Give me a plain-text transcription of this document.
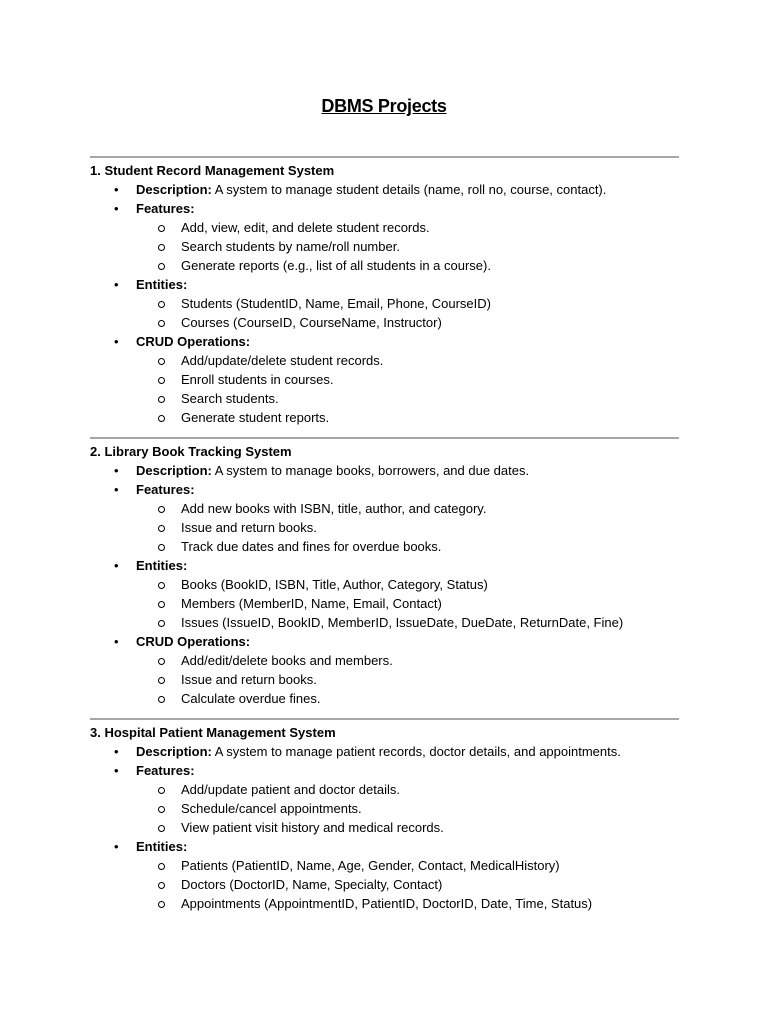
DBMS Projects
1. Student Record Management System
• Description: A system to manage student details (name, roll no, course, contact).
• Features:
Add, view, edit, and delete student records.
Search students by name/roll number.
Generate reports (e.g., list of all students in a course).
• Entities:
Students (StudentID, Name, Email, Phone, CourseID)
Courses (CourseID, CourseName, Instructor)
• CRUD Operations:
Add/update/delete student records.
Enroll students in courses.
Search students.
Generate student reports.
2. Library Book Tracking System
• Description: A system to manage books, borrowers, and due dates.
• Features:
Add new books with ISBN, title, author, and category.
Issue and return books.
Track due dates and fines for overdue books.
• Entities:
Books (BookID, ISBN, Title, Author, Category, Status)
Members (MemberID, Name, Email, Contact)
Issues (IssueID, BookID, MemberID, IssueDate, DueDate, ReturnDate, Fine)
• CRUD Operations:
Add/edit/delete books and members.
Issue and return books.
Calculate overdue fines.
3. Hospital Patient Management System
• Description: A system to manage patient records, doctor details, and appointments.
• Features:
Add/update patient and doctor details.
Schedule/cancel appointments.
View patient visit history and medical records.
• Entities:
Patients (PatientID, Name, Age, Gender, Contact, MedicalHistory)
Doctors (DoctorID, Name, Specialty, Contact)
Appointments (AppointmentID, PatientID, DoctorID, Date, Time, Status)
